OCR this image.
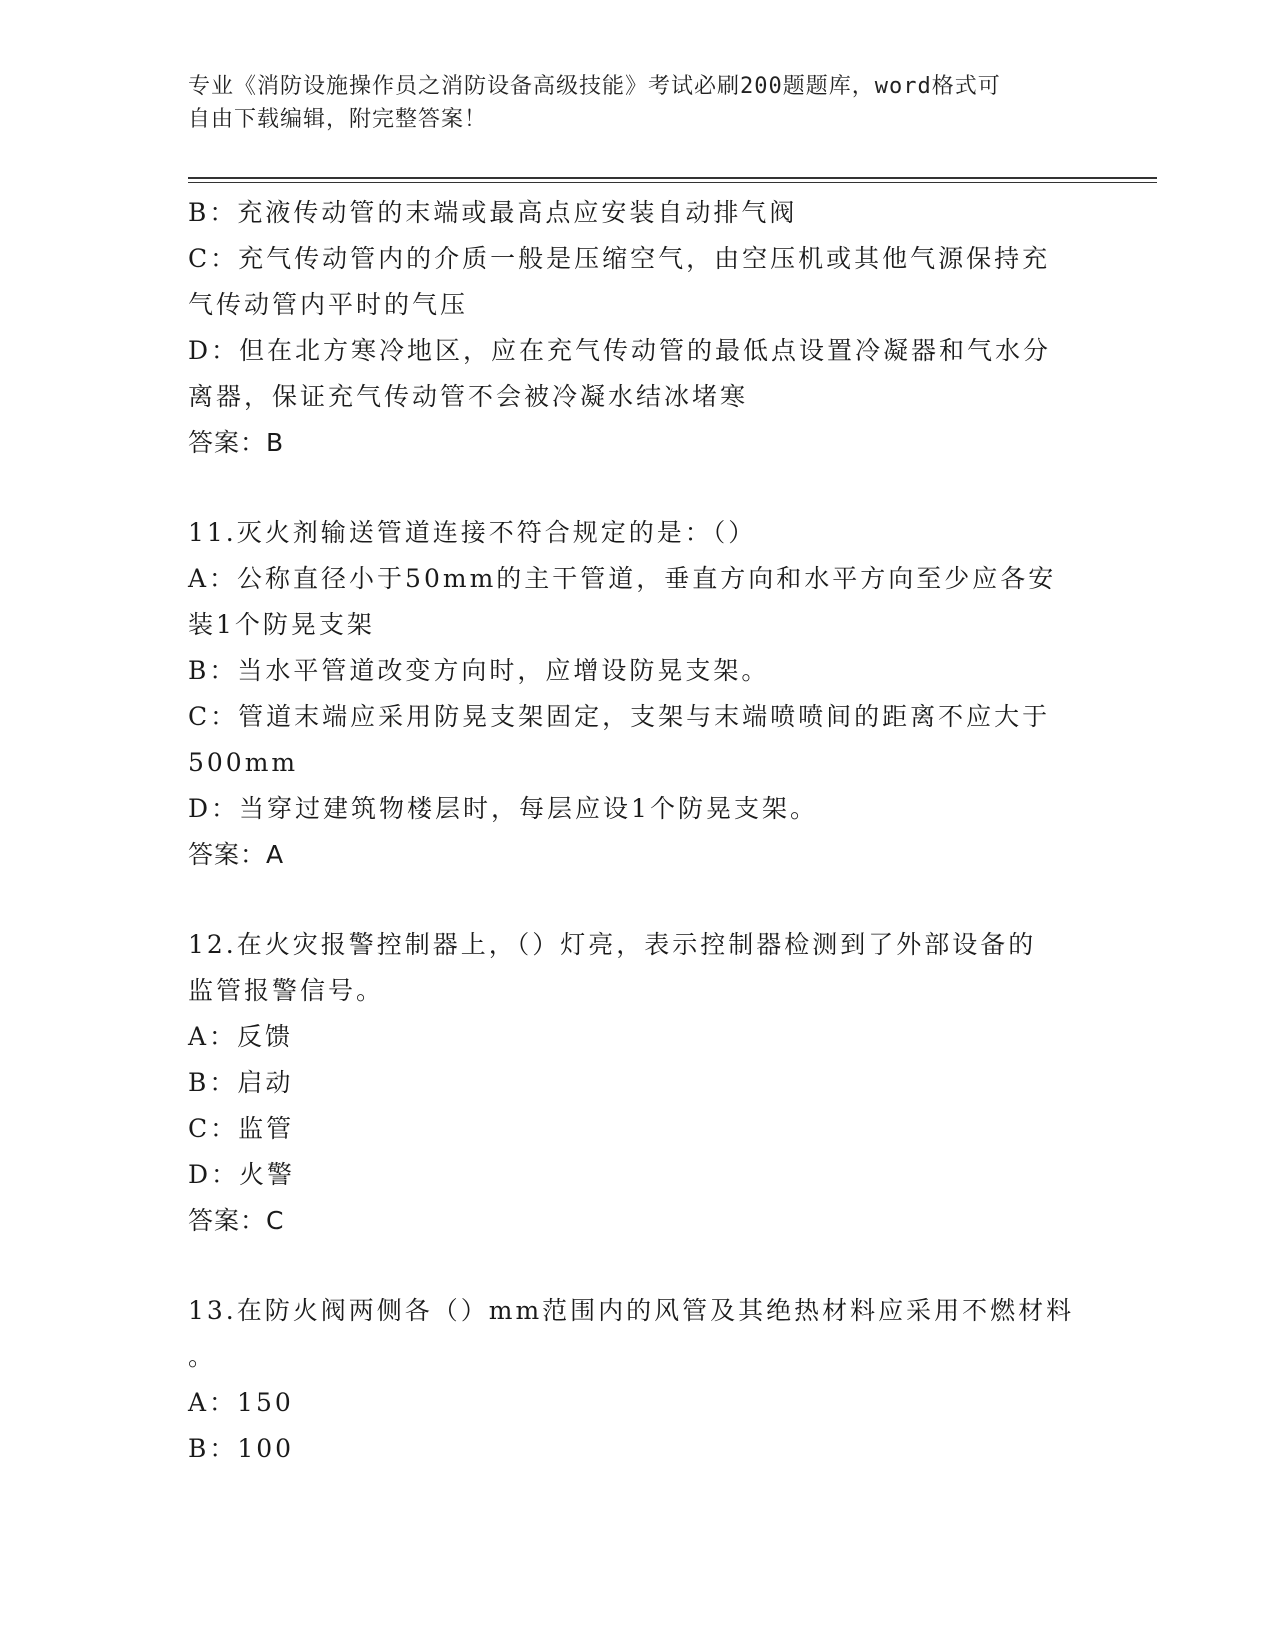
专业《消防设施操作员之消防设备高级技能》考试必刷200题题库，word格式可
自由下载编辑，附完整答案！
B：充液传动管的末端或最高点应安装自动排气阀
C：充气传动管内的介质一般是压缩空气，由空压机或其他气源保持充
气传动管内平时的气压
D：但在北方寒冷地区，应在充气传动管的最低点设置冷凝器和气水分
离器，保证充气传动管不会被冷凝水结冰堵寒
答案：B
11.灭火剂输送管道连接不符合规定的是：（）
A：公称直径小于50mm的主干管道，垂直方向和水平方向至少应各安
装1个防晃支架
B：当水平管道改变方向时，应增设防晃支架。
C：管道末端应采用防晃支架固定，支架与末端喷喷间的距离不应大于
500mm
D：当穿过建筑物楼层时，每层应设1个防晃支架。
答案：A
12.在火灾报警控制器上，（）灯亮，表示控制器检测到了外部设备的
监管报警信号。
A：反馈
B：启动
C：监管
D：火警
答案：C
13.在防火阀两侧各（）mm范围内的风管及其绝热材料应采用不燃材料
。
A：150
B：100
